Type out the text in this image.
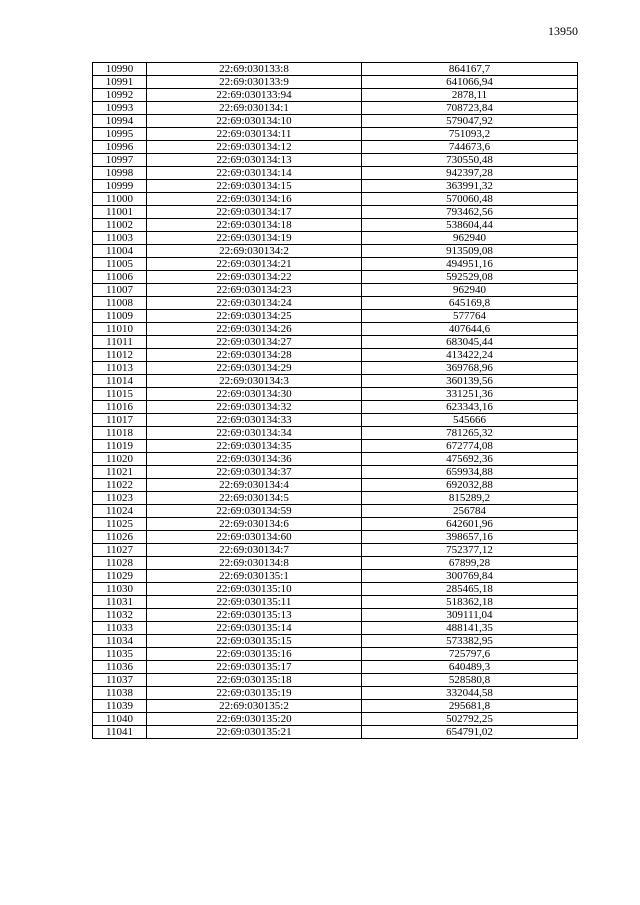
13950
10990	22:69:030133:8	864167,7
10991	22:69:030133:9	641066,94
10992	22:69:030133:94	2878,11
10993	22:69:030134:1	708723,84
10994	22:69:030134:10	579047,92
10995	22:69:030134:11	751093,2
10996	22:69:030134:12	744673,6
10997	22:69:030134:13	730550,48
10998	22:69:030134:14	942397,28
10999	22:69:030134:15	363991,32
11000	22:69:030134:16	570060,48
11001	22:69:030134:17	793462,56
11002	22:69:030134:18	538604,44
11003	22:69:030134:19	962940
11004	22:69:030134:2	913509,08
11005	22:69:030134:21	494951,16
11006	22:69:030134:22	592529,08
11007	22:69:030134:23	962940
11008	22:69:030134:24	645169,8
11009	22:69:030134:25	577764
11010	22:69:030134:26	407644,6
11011	22:69:030134:27	683045,44
11012	22:69:030134:28	413422,24
11013	22:69:030134:29	369768,96
11014	22:69:030134:3	360139,56
11015	22:69:030134:30	331251,36
11016	22:69:030134:32	623343,16
11017	22:69:030134:33	545666
11018	22:69:030134:34	781265,32
11019	22:69:030134:35	672774,08
11020	22:69:030134:36	475692,36
11021	22:69:030134:37	659934,88
11022	22:69:030134:4	692032,88
11023	22:69:030134:5	815289,2
11024	22:69:030134:59	256784
11025	22:69:030134:6	642601,96
11026	22:69:030134:60	398657,16
11027	22:69:030134:7	752377,12
11028	22:69:030134:8	67899,28
11029	22:69:030135:1	300769,84
11030	22:69:030135:10	285465,18
11031	22:69:030135:11	518362,18
11032	22:69:030135:13	309111,04
11033	22:69:030135:14	488141,35
11034	22:69:030135:15	573382,95
11035	22:69:030135:16	725797,6
11036	22:69:030135:17	640489,3
11037	22:69:030135:18	528580,8
11038	22:69:030135:19	332044,58
11039	22:69:030135:2	295681,8
11040	22:69:030135:20	502792,25
11041	22:69:030135:21	654791,02
